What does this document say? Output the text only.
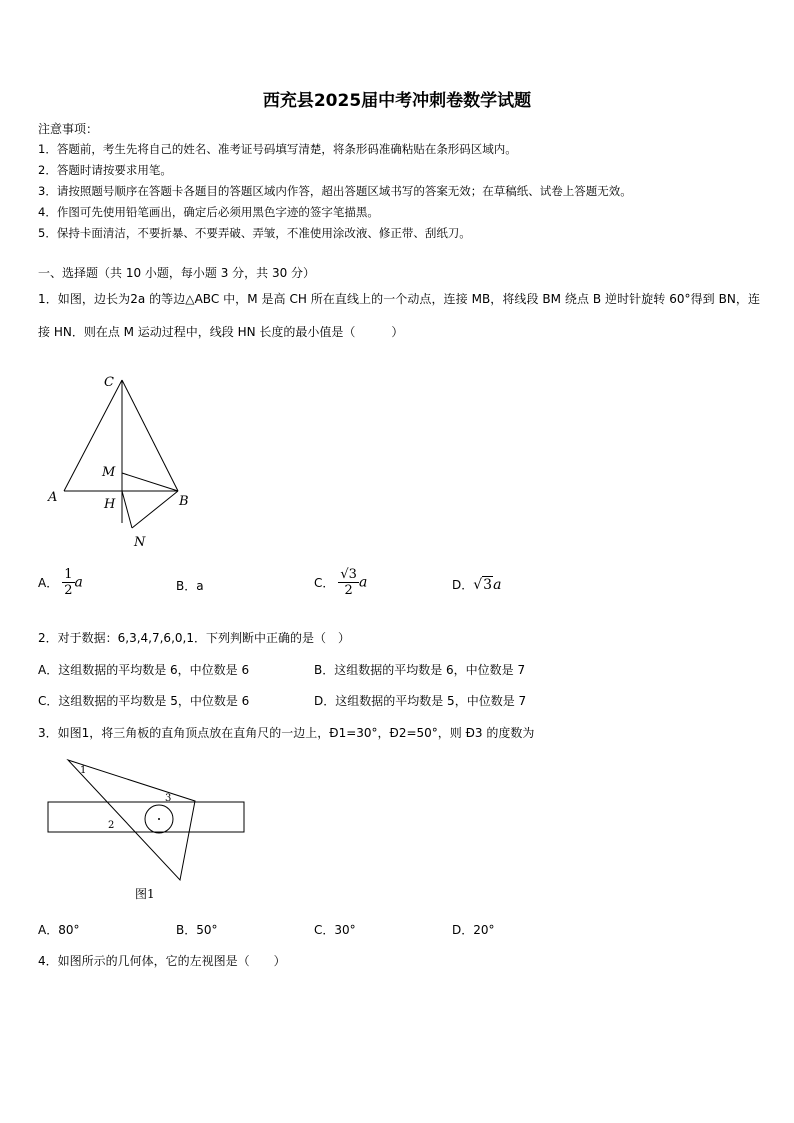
西充县2025届中考冲刺卷数学试题
注意事项：
1．答题前，考生先将自己的姓名、准考证号码填写清楚，将条形码准确粘贴在条形码区域内。
2．答题时请按要求用笔。
3．请按照题号顺序在答题卡各题目的答题区域内作答，超出答题区域书写的答案无效；在草稿纸、试卷上答题无效。
4．作图可先使用铅笔画出，确定后必须用黑色字迹的签字笔描黑。
5．保持卡面清洁，不要折暴、不要弄破、弄皱，不准使用涂改液、修正带、刮纸刀。
一、选择题（共 10 小题，每小题 3 分，共 30 分）
1．如图，边长为2a 的等边△ABC 中，M 是高 CH 所在直线上的一个动点，连接 MB，将线段 BM 绕点 B 逆时针旋转 60°得到 BN，连接 HN．则在点 M 运动过程中，线段 HN 长度的最小值是（　　　）
C
M
A	H	B
N
A． $\frac{1}{2}$ a	B．a	C． $\frac{√3}{2}$ a	D．√3a
2．对于数据：6,3,4,7,6,0,1．下列判断中正确的是（　）
A．这组数据的平均数是 6，中位数是 6	B．这组数据的平均数是 6，中位数是 7
C．这组数据的平均数是 5，中位数是 6	D．这组数据的平均数是 5，中位数是 7
3．如图1，将三角板的直角顶点放在直角尺的一边上，Ð1=30°，Ð2=50°，则 Ð3 的度数为
1
2
3
图1
A．80°	B．50°	C．30°	D．20°
4．如图所示的几何体，它的左视图是（　　）
